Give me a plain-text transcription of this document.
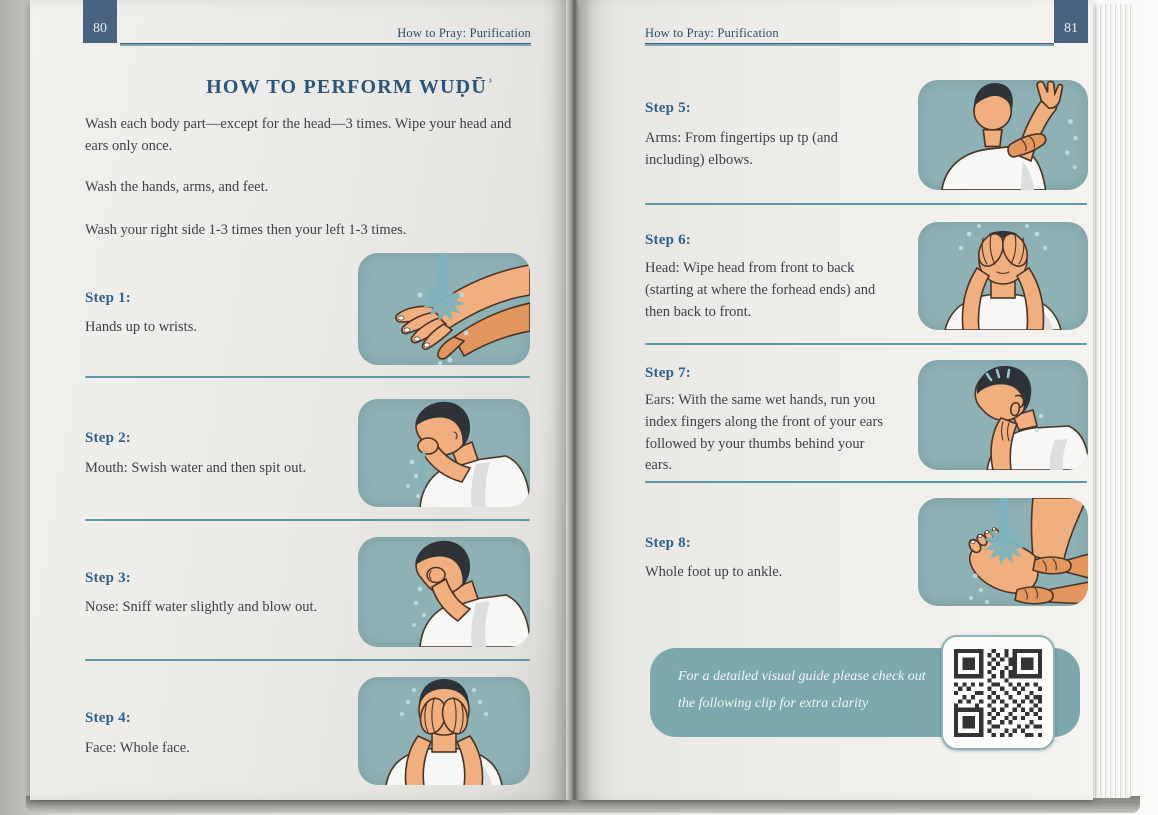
80	How to Pray: Purification
HOW TO PERFORM WUḌŪʾ

Wash each body part—except for the head—3 times. Wipe your head and ears only once.

Wash the hands, arms, and feet.

Wash your right side 1-3 times then your left 1-3 times.

Step 1:
Hands up to wrists.
Step 2:
Mouth: Swish water and then spit out.
Step 3:
Nose: Sniff water slightly and blow out.
Step 4:
Face: Whole face.
How to Pray: Purification	81
Step 5:
Arms: From fingertips up tp (and including) elbows.
Step 6:
Head: Wipe head from front to back (starting at where the forhead ends) and then back to front.
Step 7:
Ears: With the same wet hands, run you index fingers along the front of your ears followed by your thumbs behind your ears.
Step 8:
Whole foot up to ankle.

For a detailed visual guide please check out

the following clip for extra clarity
